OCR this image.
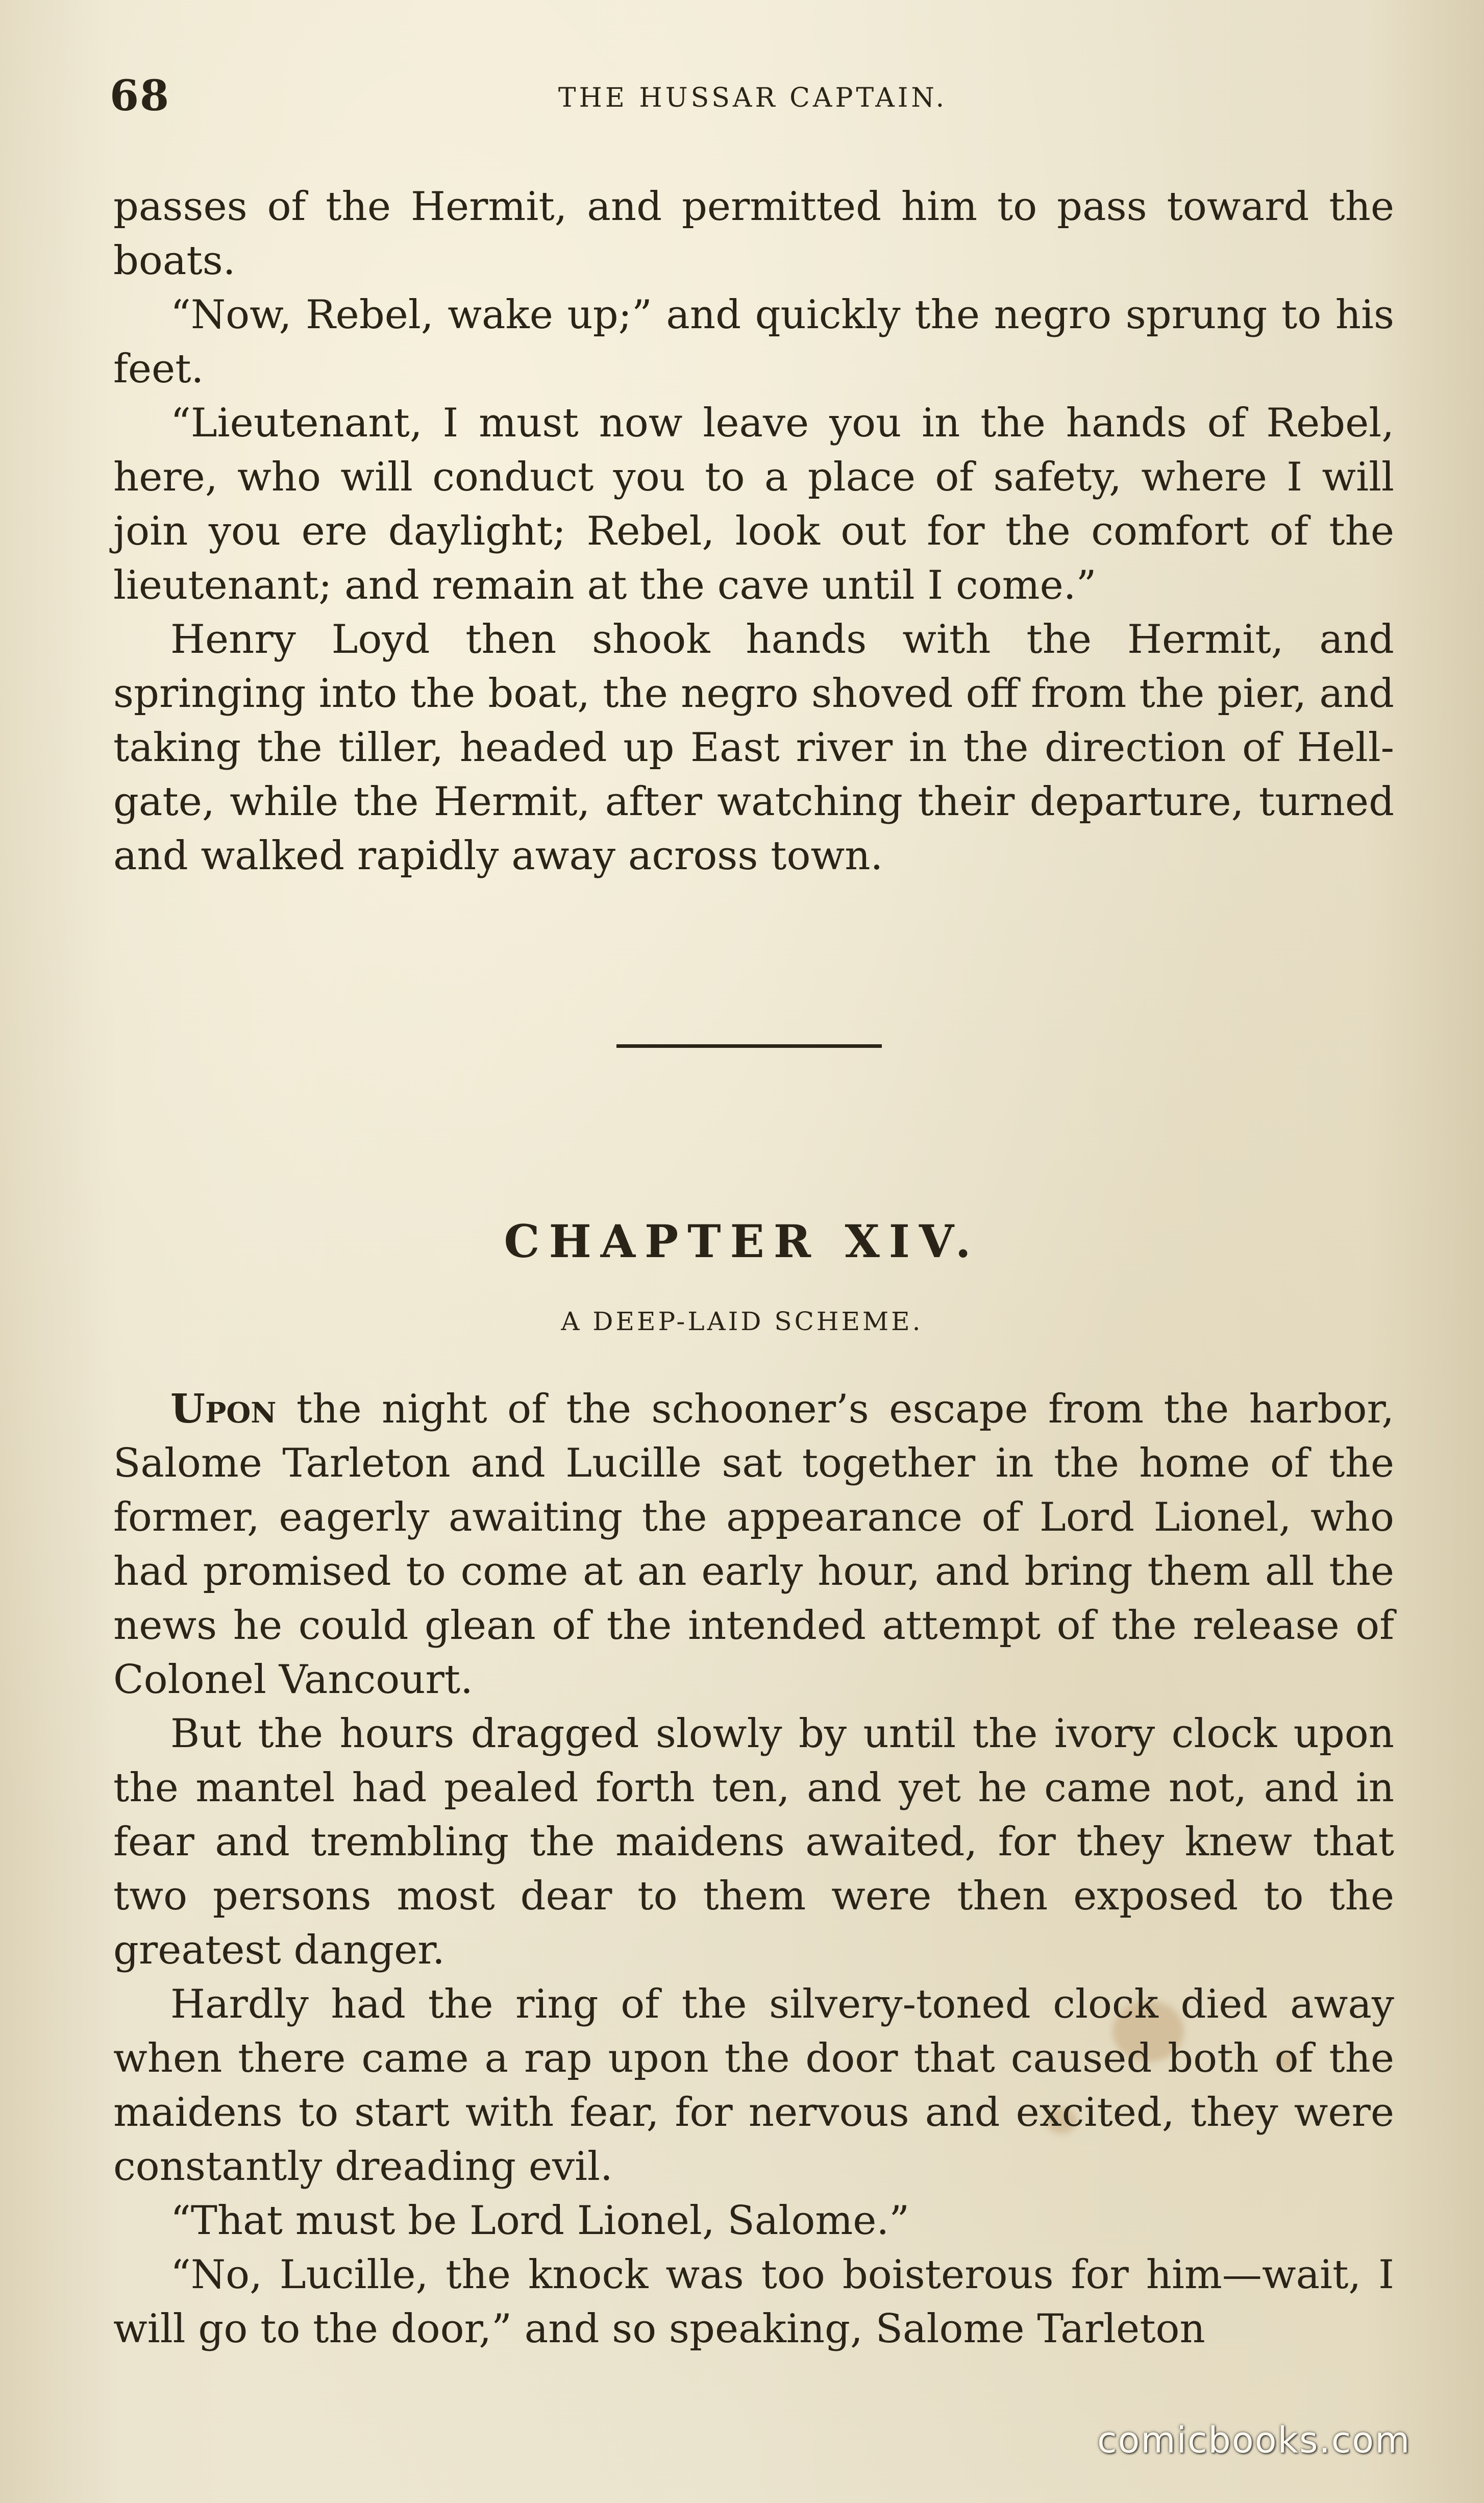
68	THE HUSSAR CAPTAIN.

passes of the Hermit, and permitted him to pass toward the boats.

“Now, Rebel, wake up;” and quickly the negro sprung to his feet.

“Lieutenant, I must now leave you in the hands of Rebel, here, who will conduct you to a place of safety, where I will join you ere daylight; Rebel, look out for the comfort of the lieutenant; and remain at the cave until I come.”

Henry Loyd then shook hands with the Hermit, and springing into the boat, the negro shoved off from the pier, and taking the tiller, headed up East river in the direction of Hell-gate, while the Hermit, after watching their departure, turned and walked rapidly away across town.

CHAPTER XIV.
A DEEP-LAID SCHEME.

Upon the night of the schooner’s escape from the harbor, Salome Tarleton and Lucille sat together in the home of the former, eagerly awaiting the appearance of Lord Lionel, who had promised to come at an early hour, and bring them all the news he could glean of the intended attempt of the release of Colonel Vancourt.

But the hours dragged slowly by until the ivory clock upon the mantel had pealed forth ten, and yet he came not, and in fear and trembling the maidens awaited, for they knew that two persons most dear to them were then exposed to the greatest danger.

Hardly had the ring of the silvery-toned clock died away when there came a rap upon the door that caused both of the maidens to start with fear, for nervous and excited, they were constantly dreading evil.

“That must be Lord Lionel, Salome.”

“No, Lucille, the knock was too boisterous for him—wait, I will go to the door,” and so speaking, Salome Tarleton

comicbooks.com
